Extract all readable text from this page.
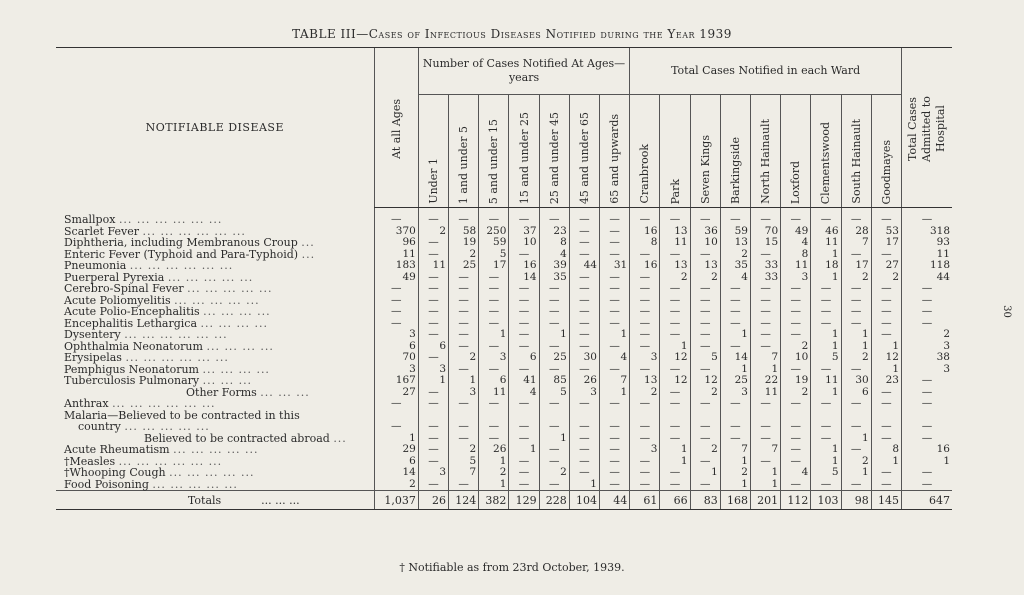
TABLE III—Cases of Infectious Diseases Notified during the Year 1939
30
NOTIFIABLE DISEASE	At all Ages	Number of Cases Notified At Ages—years							Total Cases Notified in each Ward									Total Cases Admitted to Hospital
		Under 1	1 and under 5	5 and under 15	15 and under 25	25 and under 45	45 and under 65	65 and upwards	Cranbrook	Park	Seven Kings	Barkingside	North Hainault	Loxford	Clementswood	South Hainault	Goodmayes	
Smallpox ... ... ... ... ... ...	—	—	—	—	—	—	—	—	—	—	—	—	—	—	—	—	—	—
Scarlet Fever ... ... ... ... ... ...	370	2	58	250	37	23	—	—	16	13	36	59	70	49	46	28	53	318
Diphtheria, including Membranous Croup ...	96	—	19	59	10	8	—	—	8	11	10	13	15	4	11	7	17	93
Enteric Fever (Typhoid and Para-Typhoid) ...	11	—	2	5	—	4	—	—	—	—	—	2	—	8	1	—	—	11
Pneumonia ... ... ... ... ... ...	183	11	25	17	16	39	44	31	16	13	13	35	33	11	18	17	27	118
Puerperal Pyrexia ... ... ... ... ...	49	—	—	—	14	35	—	—	—	2	2	4	33	3	1	2	2	44
Cerebro-Spinal Fever ... ... ... ... ...	—	—	—	—	—	—	—	—	—	—	—	—	—	—	—	—	—	—
Acute Poliomyelitis ... ... ... ... ...	—	—	—	—	—	—	—	—	—	—	—	—	—	—	—	—	—	—
Acute Polio-Encephalitis ... ... ... ...	—	—	—	—	—	—	—	—	—	—	—	—	—	—	—	—	—	—
Encephalitis Lethargica ... ... ... ...	—	—	—	—	—	—	—	—	—	—	—	—	—	—	—	—	—	—
Dysentery ... ... ... ... ... ...	3	—	—	1	—	1	—	1	—	—	—	1	—	—	1	1	—	2
Ophthalmia Neonatorum ... ... ... ...	6	6	—	—	—	—	—	—	—	1	—	—	—	2	1	1	1	3
Erysipelas ... ... ... ... ... ...	70	—	2	3	6	25	30	4	3	12	5	14	7	10	5	2	12	38
Pemphigus Neonatorum ... ... ... ...	3	3	—	—	—	—	—	—	—	—	—	1	1	—	—	—	1	3
Tuberculosis Pulmonary ... ... ...	167	1	1	6	41	85	26	7	13	12	12	25	22	19	11	30	23	—
Other Forms ... ... ...	27	—	3	11	4	5	3	1	2	—	2	3	11	2	1	6	—	—
Anthrax ... ... ... ... ... ...	—	—	—	—	—	—	—	—	—	—	—	—	—	—	—	—	—	—
Malaria—Believed to be contracted in this																		
country ... ... ... ... ...	—	—	—	—	—	—	—	—	—	—	—	—	—	—	—	—	—	—
Believed to be contracted abroad ...	1	—	—	—	—	1	—	—	—	—	—	—	—	—	—	1	—	—
Acute Rheumatism ... ... ... ... ...	29	—	2	26	1	—	—	—	3	1	2	7	7	—	1	—	8	16
†Measles ... ... ... ... ... ...	6	—	5	1	—	—	—	—	—	1	—	1	—	—	1	2	1	1
†Whooping Cough ... ... ... ... ...	14	3	7	2	—	2	—	—	—	—	1	2	1	4	5	1	—	—
Food Poisoning ... ... ... ... ...	2	—	—	1	—	—	1	—	—	—	—	1	1	—	—	—	—	—
Totals ... ... ...	1,037	26	124	382	129	228	104	44	61	66	83	168	201	112	103	98	145	647
† Notifiable as from 23rd October, 1939.
